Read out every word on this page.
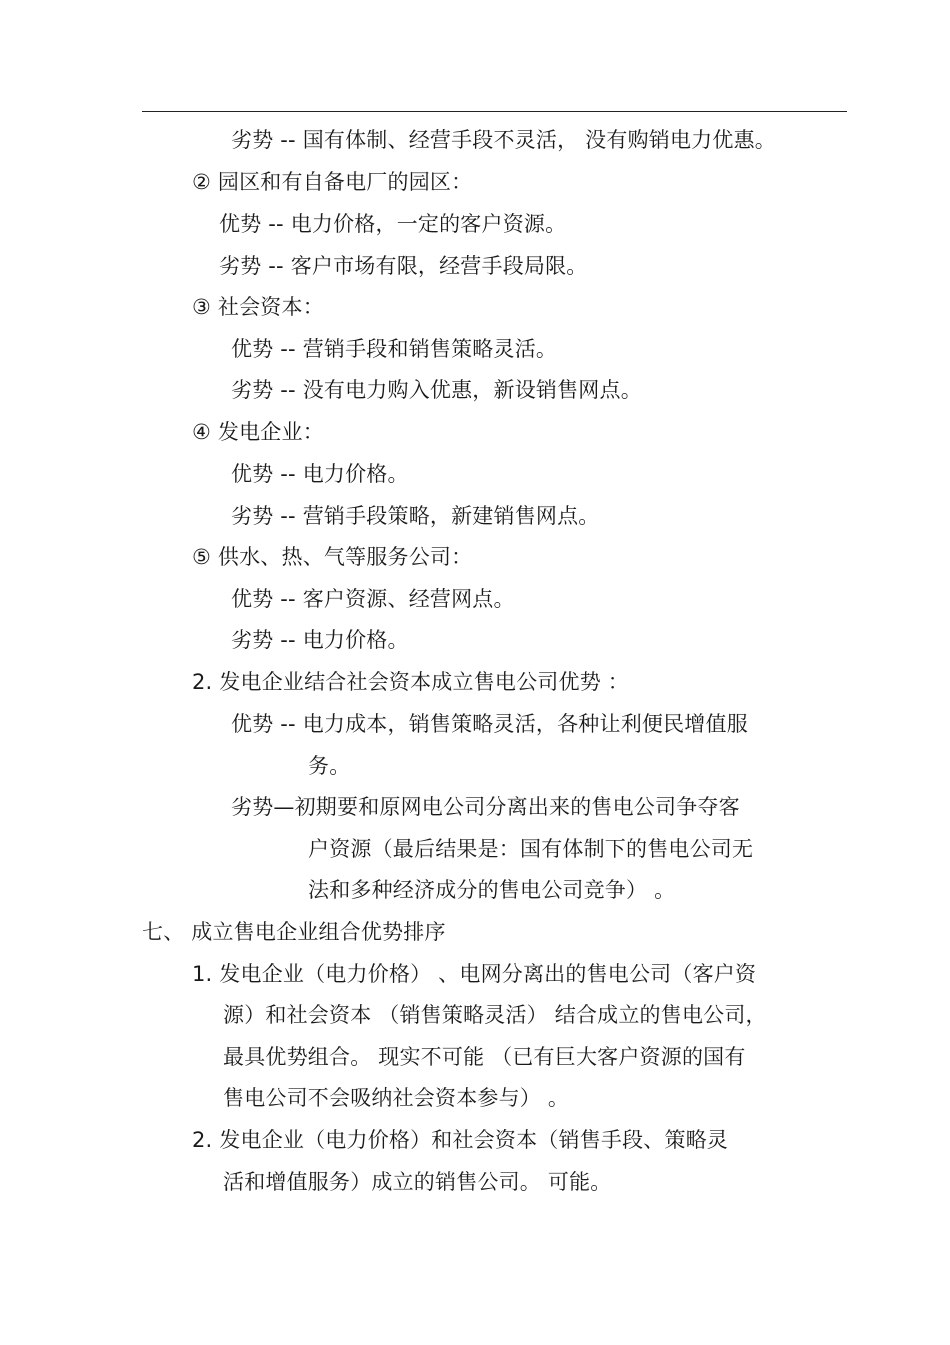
劣势 -- 国有体制、经营手段不灵活， 没有购销电力优惠。
② 园区和有自备电厂的园区：
优势 -- 电力价格，一定的客户资源。
劣势 -- 客户市场有限，经营手段局限。
③ 社会资本：
优势 -- 营销手段和销售策略灵活。
劣势 -- 没有电力购入优惠，新设销售网点。
④ 发电企业：
优势 -- 电力价格。
劣势 -- 营销手段策略，新建销售网点。
⑤ 供水、热、气等服务公司：
优势 -- 客户资源、经营网点。
劣势 -- 电力价格。
2. 发电企业结合社会资本成立售电公司优势 ：
优势 -- 电力成本，销售策略灵活，各种让利便民增值服
务。
劣势—初期要和原网电公司分离出来的售电公司争夺客
户资源（最后结果是：国有体制下的售电公司无
法和多种经济成分的售电公司竞争） 。
七、 成立售电企业组合优势排序
1. 发电企业（电力价格） 、电网分离出的售电公司（客户资
源）和社会资本 （销售策略灵活） 结合成立的售电公司，
最具优势组合。 现实不可能 （已有巨大客户资源的国有
售电公司不会吸纳社会资本参与） 。
2. 发电企业（电力价格）和社会资本（销售手段、策略灵
活和增值服务）成立的销售公司。 可能。
